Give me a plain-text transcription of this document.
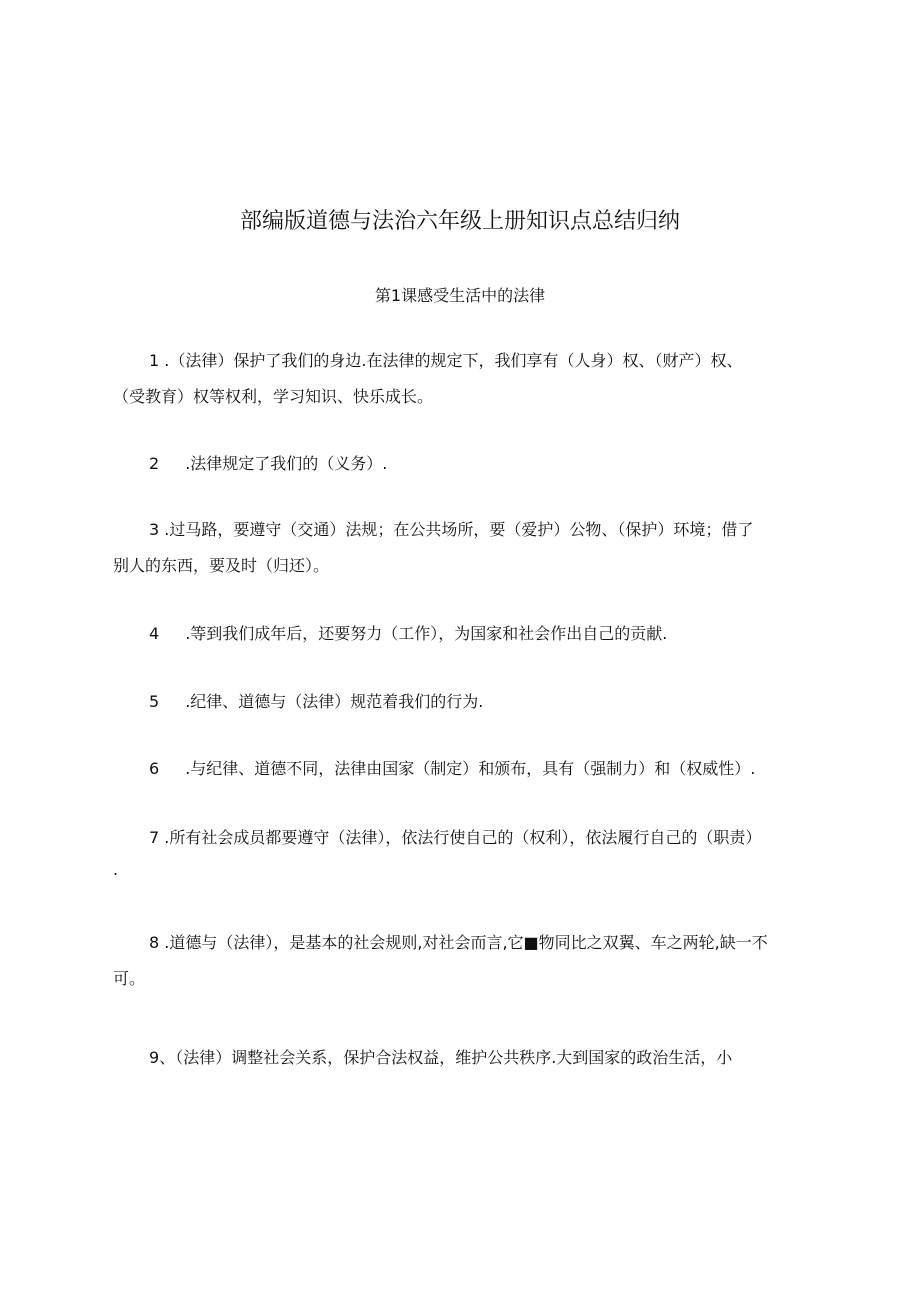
部编版道德与法治六年级上册知识点总结归纳
第1课感受生活中的法律
1 .（法律）保护了我们的身边.在法律的规定下，我们享有（人身）权、（财产）权、
（受教育）权等权利，学习知识、快乐成长。
2 .法律规定了我们的（义务）.
3 .过马路，要遵守（交通）法规；在公共场所，要（爱护）公物、（保护）环境；借了
别人的东西，要及时（归还）。
4 .等到我们成年后，还要努力（工作），为国家和社会作出自己的贡献.
5 .纪律、道德与（法律）规范着我们的行为.
6 .与纪律、道德不同，法律由国家（制定）和颁布，具有（强制力）和（权威性）.
7 .所有社会成员都要遵守（法律），依法行使自己的（权利），依法履行自己的（职责）
.
8 .道德与（法律），是基本的社会规则,对社会而言,它■物同比之双翼、车之两轮,缺一不
可。
9、（法律）调整社会关系，保护合法权益，维护公共秩序.大到国家的政治生活，小
